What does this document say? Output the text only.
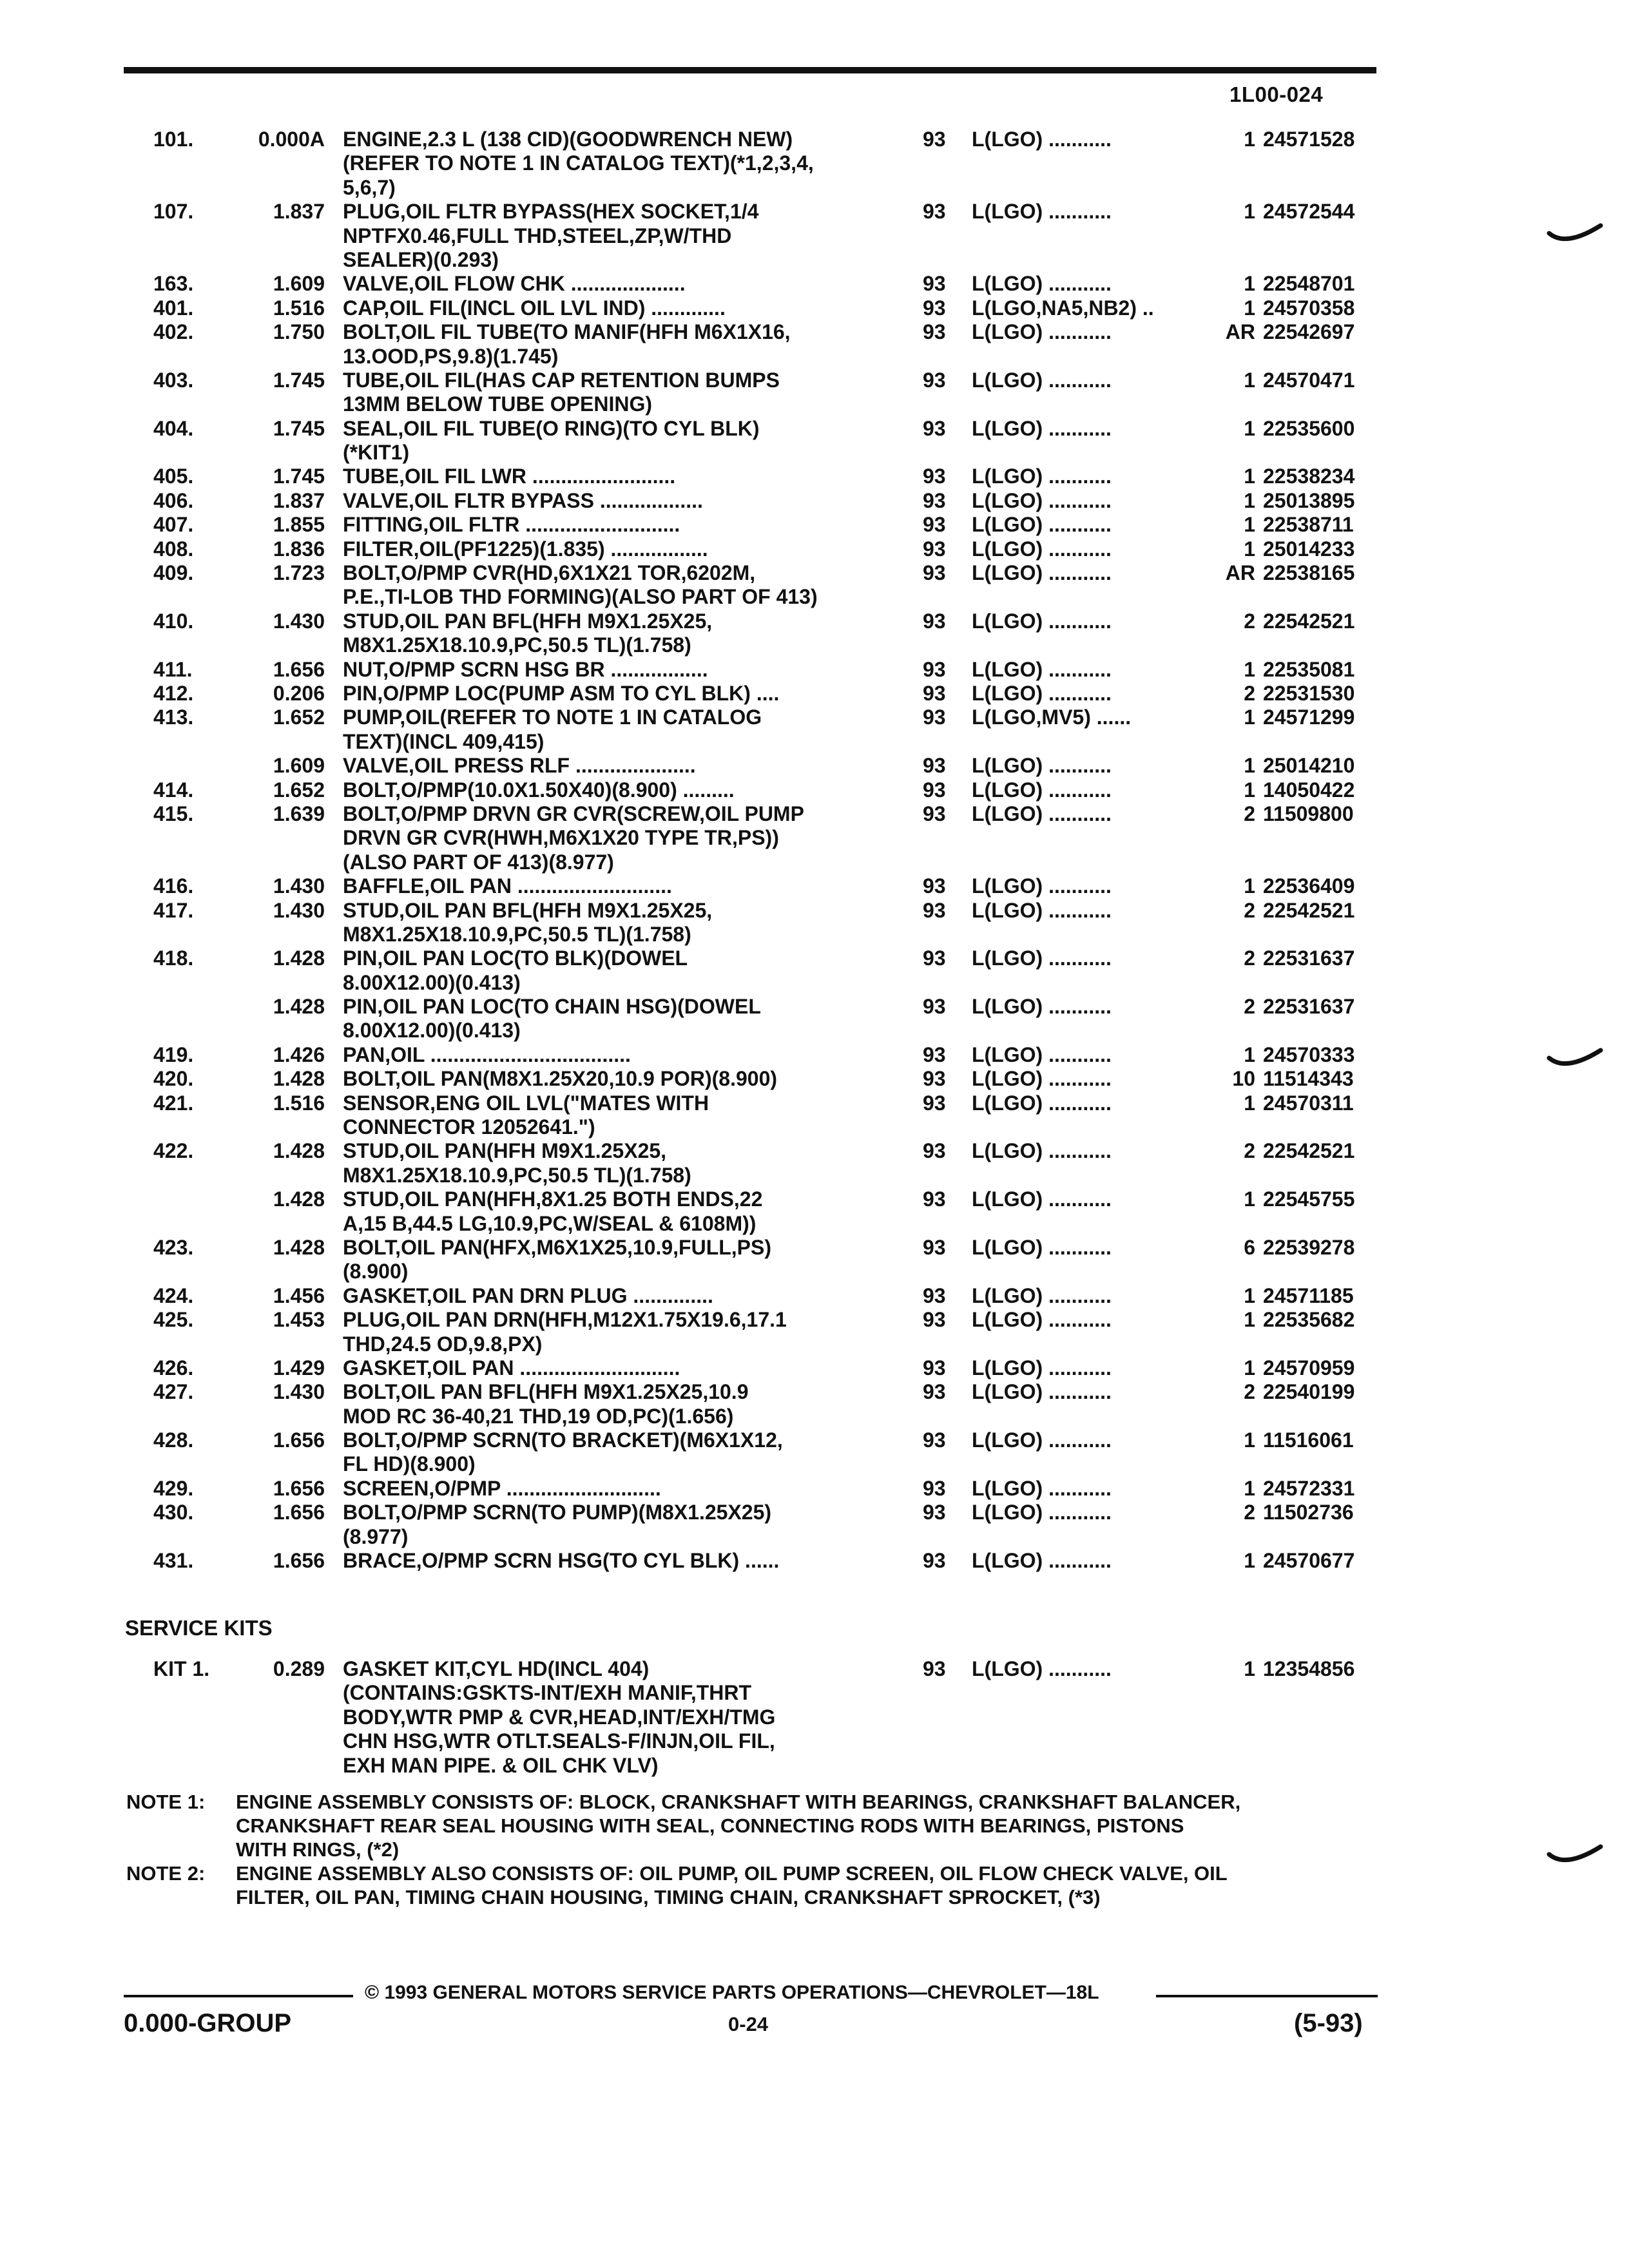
1L00-024
101.	0.000A ENGINE,2.3 L (138 CID)(GOODWRENCH NEW)	93 L(LGO) ...........	1 24571528
(REFER TO NOTE 1 IN CATALOG TEXT)(*1,2,3,4,
5,6,7)
107.	1.837 PLUG,OIL FLTR BYPASS(HEX SOCKET,1/4	93 L(LGO) ...........	1 24572544
NPTFX0.46,FULL THD,STEEL,ZP,W/THD
SEALER)(0.293)
163.	1.609 VALVE,OIL FLOW CHK ....................	93 L(LGO) ...........	1 22548701
401.	1.516 CAP,OIL FIL(INCL OIL LVL IND) .............	93 L(LGO,NA5,NB2) ..	1 24570358
402.	1.750 BOLT,OIL FIL TUBE(TO MANIF(HFH M6X1X16,	93 L(LGO) ...........	AR 22542697
13.OOD,PS,9.8)(1.745)
403.	1.745 TUBE,OIL FIL(HAS CAP RETENTION BUMPS	93 L(LGO) ...........	1 24570471
13MM BELOW TUBE OPENING)
404.	1.745 SEAL,OIL FIL TUBE(O RING)(TO CYL BLK)	93 L(LGO) ...........	1 22535600
(*KIT1)
405.	1.745 TUBE,OIL FIL LWR .........................	93 L(LGO) ...........	1 22538234
406.	1.837 VALVE,OIL FLTR BYPASS ..................	93 L(LGO) ...........	1 25013895
407.	1.855 FITTING,OIL FLTR ...........................	93 L(LGO) ...........	1 22538711
408.	1.836 FILTER,OIL(PF1225)(1.835) .................	93 L(LGO) ...........	1 25014233
409.	1.723 BOLT,O/PMP CVR(HD,6X1X21 TOR,6202M,	93 L(LGO) ...........	AR 22538165
P.E.,TI-LOB THD FORMING)(ALSO PART OF 413)
410.	1.430 STUD,OIL PAN BFL(HFH M9X1.25X25,	93 L(LGO) ...........	2 22542521
M8X1.25X18.10.9,PC,50.5 TL)(1.758)
411.	1.656 NUT,O/PMP SCRN HSG BR .................	93 L(LGO) ...........	1 22535081
412.	0.206 PIN,O/PMP LOC(PUMP ASM TO CYL BLK) ....	93 L(LGO) ...........	2 22531530
413.	1.652 PUMP,OIL(REFER TO NOTE 1 IN CATALOG	93 L(LGO,MV5) ......	1 24571299
TEXT)(INCL 409,415)
1.609 VALVE,OIL PRESS RLF .....................	93 L(LGO) ...........	1 25014210
414.	1.652 BOLT,O/PMP(10.0X1.50X40)(8.900) .........	93 L(LGO) ...........	1 14050422
415.	1.639 BOLT,O/PMP DRVN GR CVR(SCREW,OIL PUMP	93 L(LGO) ...........	2 11509800
DRVN GR CVR(HWH,M6X1X20 TYPE TR,PS))
(ALSO PART OF 413)(8.977)
416.	1.430 BAFFLE,OIL PAN ...........................	93 L(LGO) ...........	1 22536409
417.	1.430 STUD,OIL PAN BFL(HFH M9X1.25X25,	93 L(LGO) ...........	2 22542521
M8X1.25X18.10.9,PC,50.5 TL)(1.758)
418.	1.428 PIN,OIL PAN LOC(TO BLK)(DOWEL	93 L(LGO) ...........	2 22531637
8.00X12.00)(0.413)
1.428 PIN,OIL PAN LOC(TO CHAIN HSG)(DOWEL	93 L(LGO) ...........	2 22531637
8.00X12.00)(0.413)
419.	1.426 PAN,OIL ...................................	93 L(LGO) ...........	1 24570333
420.	1.428 BOLT,OIL PAN(M8X1.25X20,10.9 POR)(8.900)	93 L(LGO) ...........	10 11514343
421.	1.516 SENSOR,ENG OIL LVL("MATES WITH	93 L(LGO) ...........	1 24570311
CONNECTOR 12052641.")
422.	1.428 STUD,OIL PAN(HFH M9X1.25X25,	93 L(LGO) ...........	2 22542521
M8X1.25X18.10.9,PC,50.5 TL)(1.758)
1.428 STUD,OIL PAN(HFH,8X1.25 BOTH ENDS,22	93 L(LGO) ...........	1 22545755
A,15 B,44.5 LG,10.9,PC,W/SEAL & 6108M))
423.	1.428 BOLT,OIL PAN(HFX,M6X1X25,10.9,FULL,PS)	93 L(LGO) ...........	6 22539278
(8.900)
424.	1.456 GASKET,OIL PAN DRN PLUG ..............	93 L(LGO) ...........	1 24571185
425.	1.453 PLUG,OIL PAN DRN(HFH,M12X1.75X19.6,17.1	93 L(LGO) ...........	1 22535682
THD,24.5 OD,9.8,PX)
426.	1.429 GASKET,OIL PAN ............................	93 L(LGO) ...........	1 24570959
427.	1.430 BOLT,OIL PAN BFL(HFH M9X1.25X25,10.9	93 L(LGO) ...........	2 22540199
MOD RC 36-40,21 THD,19 OD,PC)(1.656)
428.	1.656 BOLT,O/PMP SCRN(TO BRACKET)(M6X1X12,	93 L(LGO) ...........	1 11516061
FL HD)(8.900)
429.	1.656 SCREEN,O/PMP ...........................	93 L(LGO) ...........	1 24572331
430.	1.656 BOLT,O/PMP SCRN(TO PUMP)(M8X1.25X25)	93 L(LGO) ...........	2 11502736
(8.977)
431.	1.656 BRACE,O/PMP SCRN HSG(TO CYL BLK) ......	93 L(LGO) ...........	1 24570677
SERVICE KITS
KIT 1.	0.289 GASKET KIT,CYL HD(INCL 404)	93 L(LGO) ...........	1 12354856
(CONTAINS:GSKTS-INT/EXH MANIF,THRT
BODY,WTR PMP & CVR,HEAD,INT/EXH/TMG
CHN HSG,WTR OTLT.SEALS-F/INJN,OIL FIL,
EXH MAN PIPE. & OIL CHK VLV)
NOTE 1: ENGINE ASSEMBLY CONSISTS OF: BLOCK, CRANKSHAFT WITH BEARINGS, CRANKSHAFT BALANCER,
CRANKSHAFT REAR SEAL HOUSING WITH SEAL, CONNECTING RODS WITH BEARINGS, PISTONS
WITH RINGS, (*2)
NOTE 2: ENGINE ASSEMBLY ALSO CONSISTS OF: OIL PUMP, OIL PUMP SCREEN, OIL FLOW CHECK VALVE, OIL
FILTER, OIL PAN, TIMING CHAIN HOUSING, TIMING CHAIN, CRANKSHAFT SPROCKET, (*3)
© 1993 GENERAL MOTORS SERVICE PARTS OPERATIONS—CHEVROLET—18L
0.000-GROUP	0-24	(5-93)
